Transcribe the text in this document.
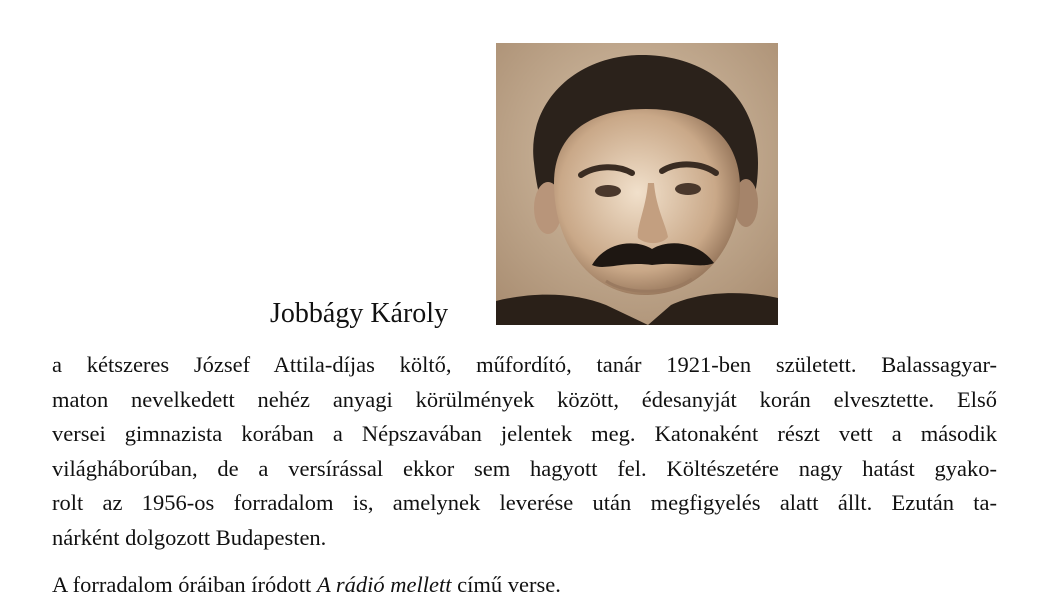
Jobbágy Károly
a kétszeres József Attila-díjas költő, műfordító, tanár 1921-ben született. Balassagyar-
maton nevelkedett nehéz anyagi körülmények között, édesanyját korán elvesztette. Első
versei gimnazista korában a Népszavában jelentek meg. Katonaként részt vett a második
világháborúban, de a versírással ekkor sem hagyott fel. Költészetére nagy hatást gyako-
rolt az 1956-os forradalom is, amelynek leverése után megfigyelés alatt állt. Ezután ta-
nárként dolgozott Budapesten.
A forradalom óráiban íródott A rádió mellett című verse.
